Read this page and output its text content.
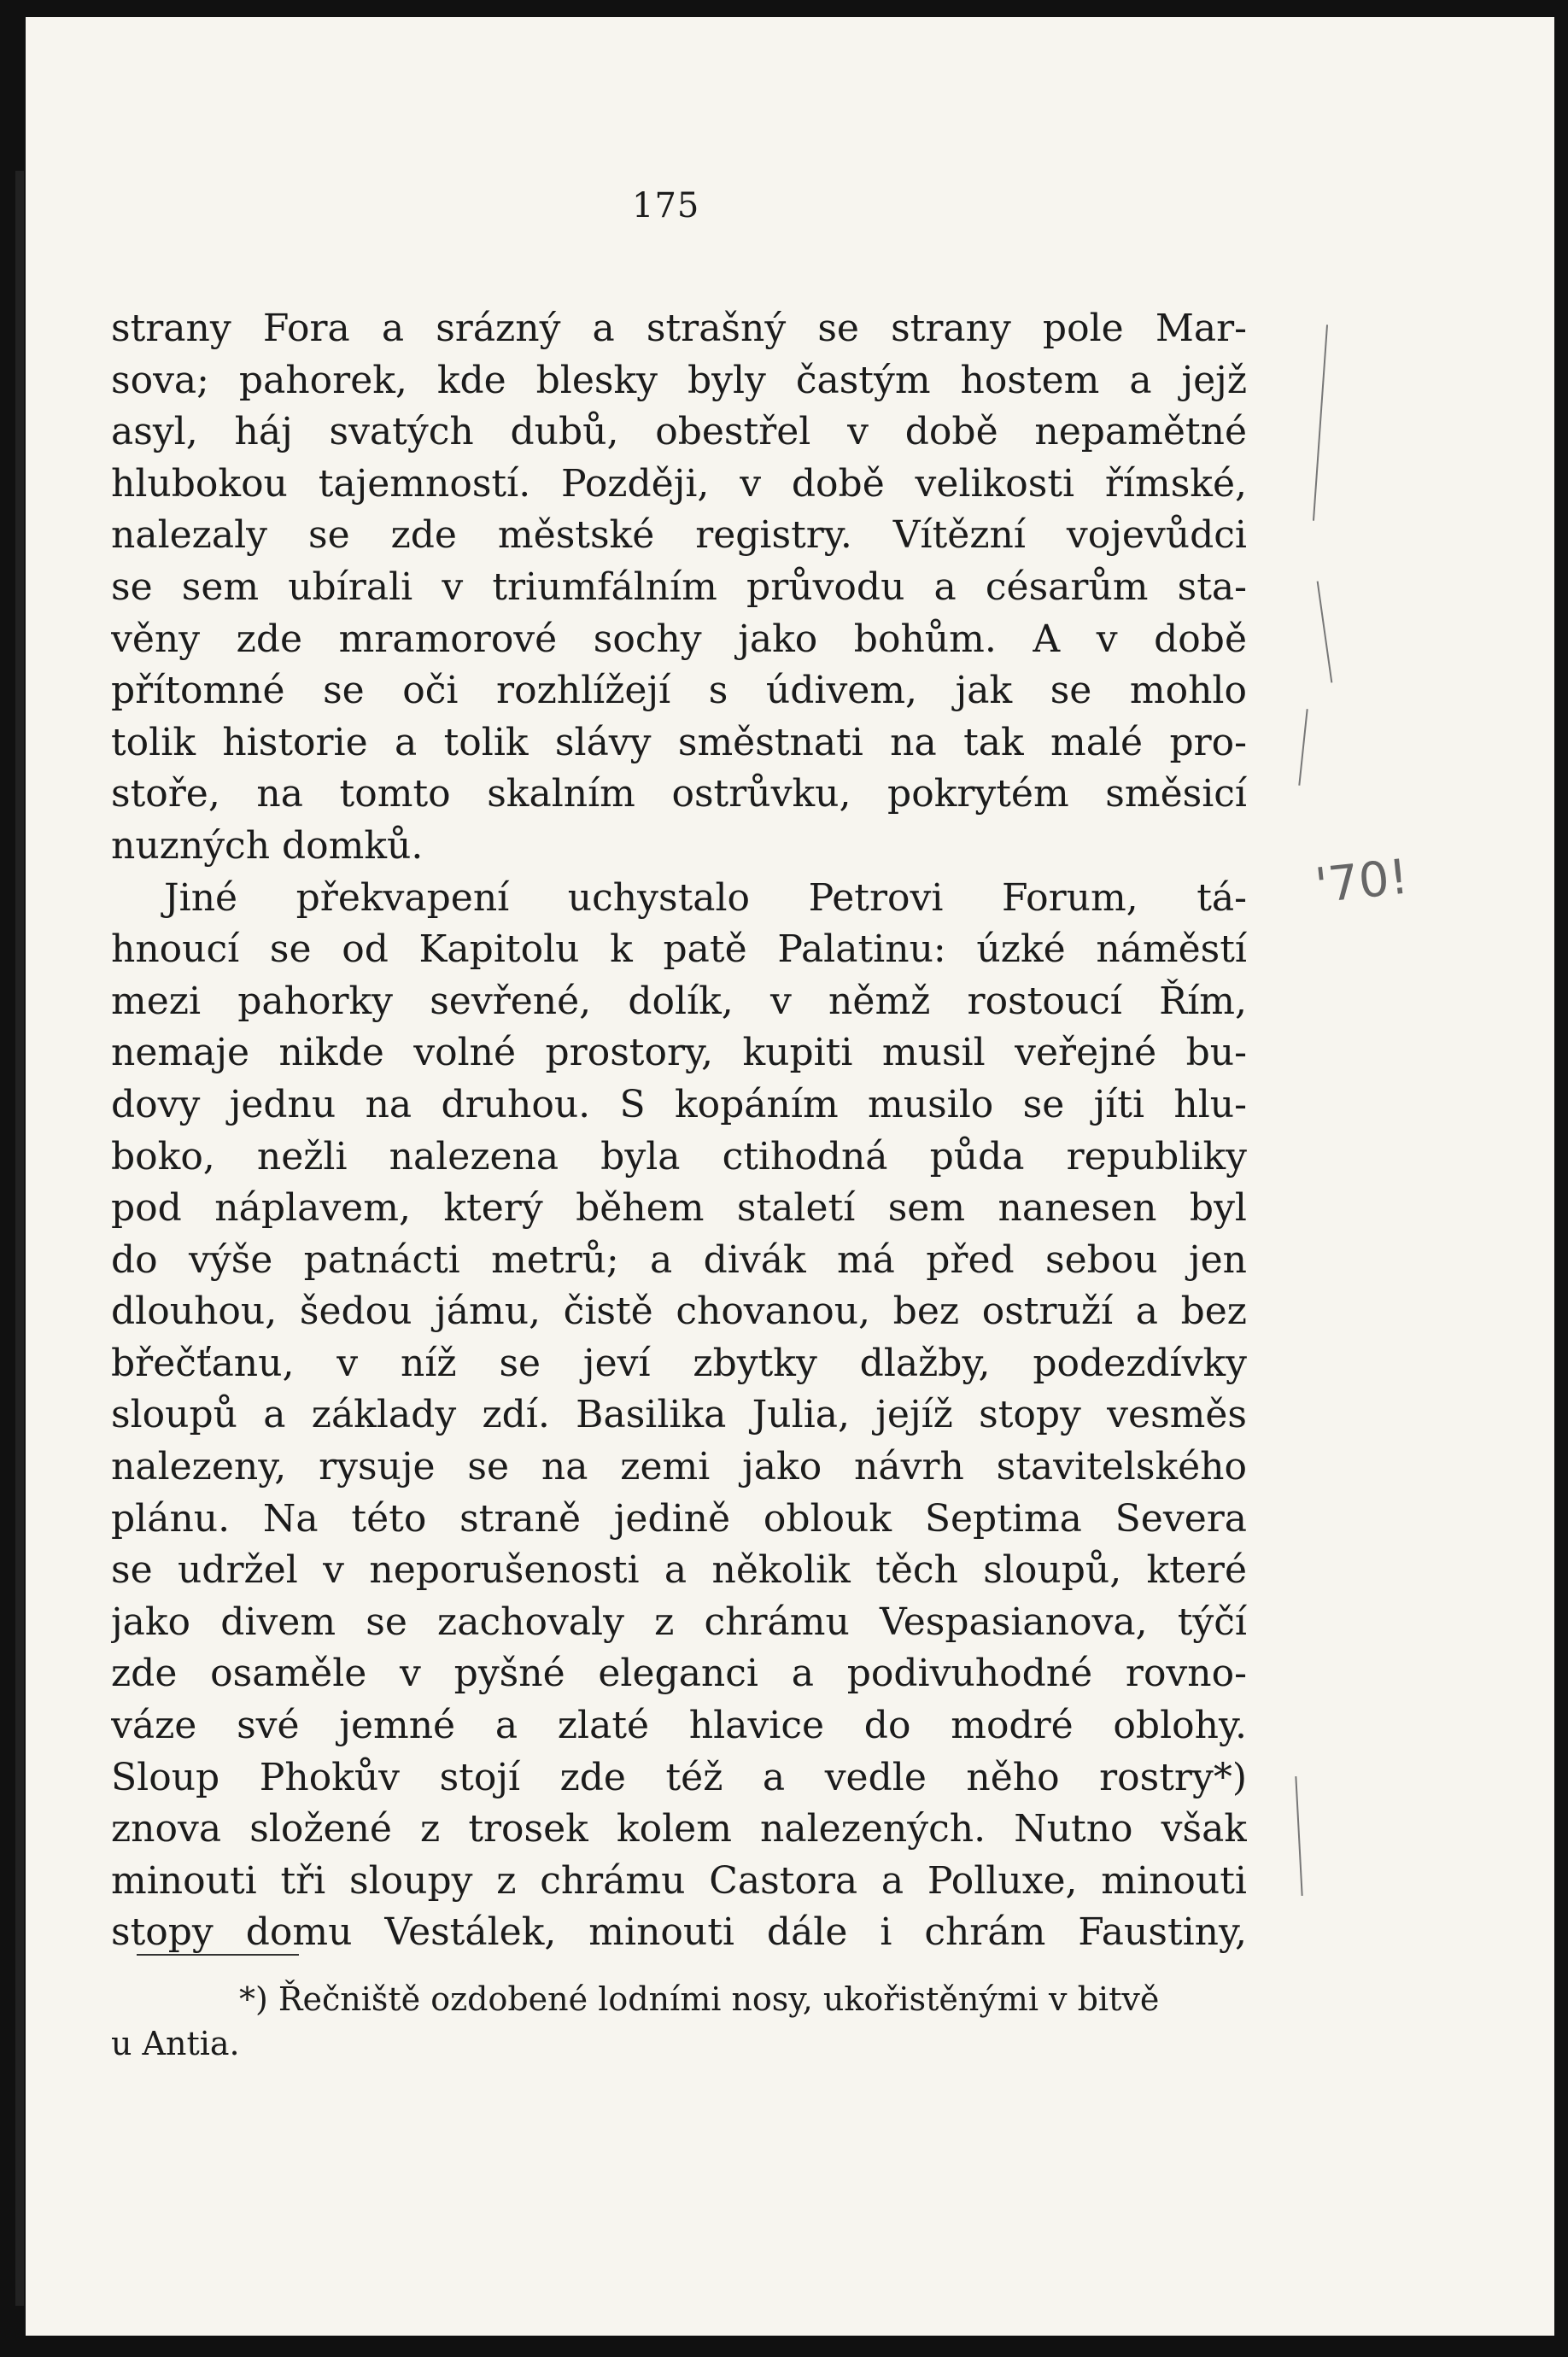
175
strany Fora a srázný a strašný se strany pole Mar-
sova; pahorek, kde blesky byly častým hostem a jejž
asyl, háj svatých dubů, obestřel v době nepamětné
hlubokou tajemností. Později, v době velikosti římské,
nalezaly se zde městské registry. Vítězní vojevůdci
se sem ubírali v triumfálním průvodu a césarům sta-
věny zde mramorové sochy jako bohům. A v době
přítomné se oči rozhlížejí s údivem, jak se mohlo
tolik historie a tolik slávy směstnati na tak malé pro-
stoře, na tomto skalním ostrůvku, pokrytém směsicí
nuzných domků.
Jiné překvapení uchystalo Petrovi Forum, tá-
hnoucí se od Kapitolu k patě Palatinu: úzké náměstí
mezi pahorky sevřené, dolík, v němž rostoucí Řím,
nemaje nikde volné prostory, kupiti musil veřejné bu-
dovy jednu na druhou. S kopáním musilo se jíti hlu-
boko, nežli nalezena byla ctihodná půda republiky
pod náplavem, který během staletí sem nanesen byl
do výše patnácti metrů; a divák má před sebou jen
dlouhou, šedou jámu, čistě chovanou, bez ostruží a bez
břečťanu, v níž se jeví zbytky dlažby, podezdívky
sloupů a základy zdí. Basilika Julia, jejíž stopy vesměs
nalezeny, rysuje se na zemi jako návrh stavitelského
plánu. Na této straně jedině oblouk Septima Severa
se udržel v neporušenosti a několik těch sloupů, které
jako divem se zachovaly z chrámu Vespasianova, týčí
zde osaměle v pyšné eleganci a podivuhodné rovno-
váze své jemné a zlaté hlavice do modré oblohy.
Sloup Phokův stojí zde též a vedle něho rostry*)
znova složené z trosek kolem nalezených. Nutno však
minouti tři sloupy z chrámu Castora a Polluxe, minouti
stopy domu Vestálek, minouti dále i chrám Faustiny,
*) Řečniště ozdobené lodními nosy, ukořistěnými v bitvě
u Antia.
'70!
